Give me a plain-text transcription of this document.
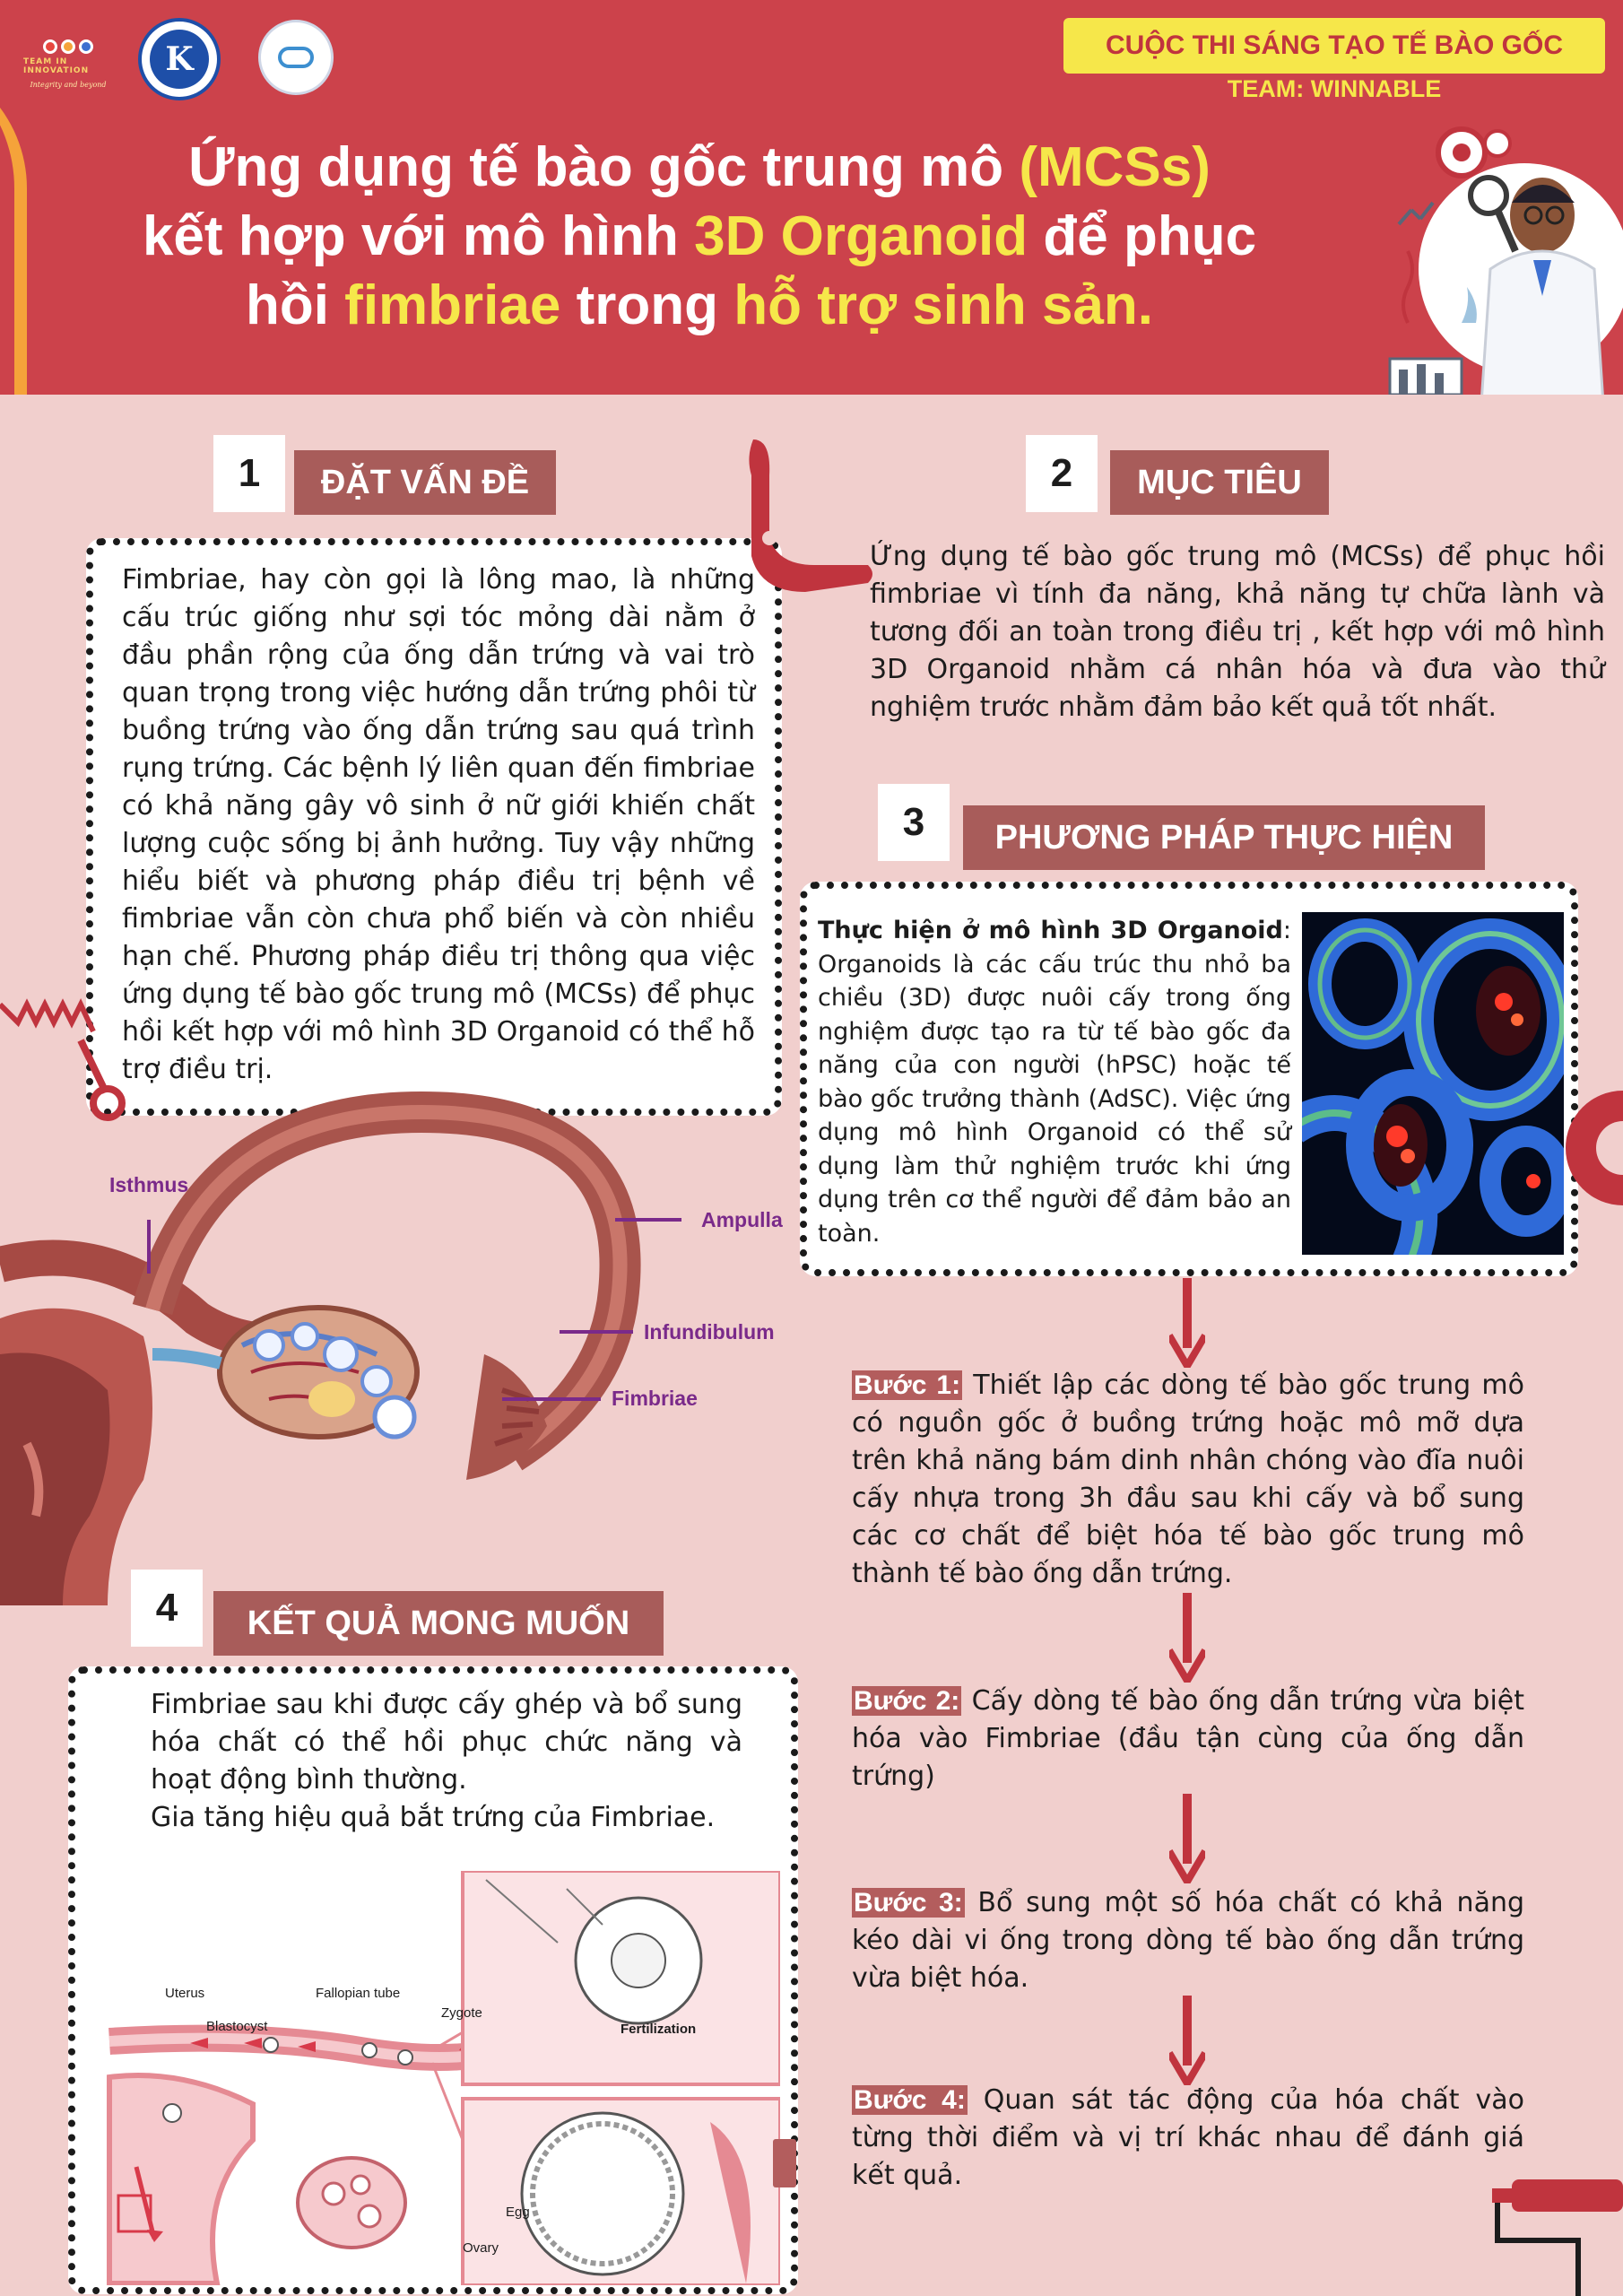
TEAM IN INNOVATION
Integrity and beyond
K	CUỘC THI SÁNG TẠO TẾ BÀO GỐC
TEAM: WINNABLE
Ứng dụng tế bào gốc trung mô (MCSs)
kết hợp với mô hình 3D Organoid để phục
hồi fimbriae trong hỗ trợ sinh sản.
1	ĐẶT VẤN ĐỀ
Fimbriae, hay còn gọi là lông mao, là những cấu trúc giống như sợi tóc mỏng dài nằm ở đầu phần rộng của ống dẫn trứng và vai trò quan trọng trong việc hướng dẫn trứng phôi từ buồng trứng vào ống dẫn trứng sau quá trình rụng trứng. Các bệnh lý liên quan đến fimbriae có khả năng gây vô sinh ở nữ giới khiến chất lượng cuộc sống bị ảnh hưởng. Tuy vậy những hiểu biết và phương pháp điều trị bệnh về fimbriae vẫn còn chưa phổ biến và còn nhiều hạn chế. Phương pháp điều trị thông qua việc ứng dụng tế bào gốc trung mô (MCSs) để phục hồi kết hợp với mô hình 3D Organoid có thể hỗ trợ điều trị.
Isthmus
Ampulla
Infundibulum
Fimbriae
2	MỤC TIÊU
Ứng dụng tế bào gốc trung mô (MCSs) để phục hồi fimbriae vì tính đa năng, khả năng tự chữa lành và tương đối an toàn trong điều trị , kết hợp với mô hình 3D Organoid nhằm cá nhân hóa và đưa vào thử nghiệm trước nhằm đảm bảo kết quả tốt nhất.
3	PHƯƠNG PHÁP THỰC HIỆN
Thực hiện ở mô hình 3D Organoid: Organoids là các cấu trúc thu nhỏ ba chiều (3D) được nuôi cấy trong ống nghiệm được tạo ra từ tế bào gốc đa năng của con người (hPSC) hoặc tế bào gốc trưởng thành (AdSC). Việc ứng dụng mô hình Organoid có thể sử dụng làm thử nghiệm trước khi ứng dụng trên cơ thể người để đảm bảo an toàn.
Bước 1: Thiết lập các dòng tế bào gốc trung mô có nguồn gốc ở buồng trứng hoặc mô mỡ dựa trên khả năng bám dinh nhân chóng vào đĩa nuôi cấy nhựa trong 3h đầu sau khi cấy và bổ sung các cơ chất để biệt hóa tế bào gốc trung mô thành tế bào ống dẫn trứng.
Bước 2: Cấy dòng tế bào ống dẫn trứng vừa biệt hóa vào Fimbriae (đầu tận cùng của ống dẫn trứng)
Bước 3: Bổ sung một số hóa chất có khả năng kéo dài vi ống trong dòng tế bào ống dẫn trứng vừa biệt hóa.
Bước 4: Quan sát tác động của hóa chất vào từng thời điểm và vị trí khác nhau để đánh giá kết quả.
4	KẾT QUẢ MONG MUỐN
Fimbriae sau khi được cấy ghép và bổ sung hóa chất có thể hồi phục chức năng và hoạt động bình thường.
Gia tăng hiệu quả bắt trứng của Fimbriae.
Uterus	Fallopian tube
Blastocyst
Zygote
Fertilization
Egg
Ovary
